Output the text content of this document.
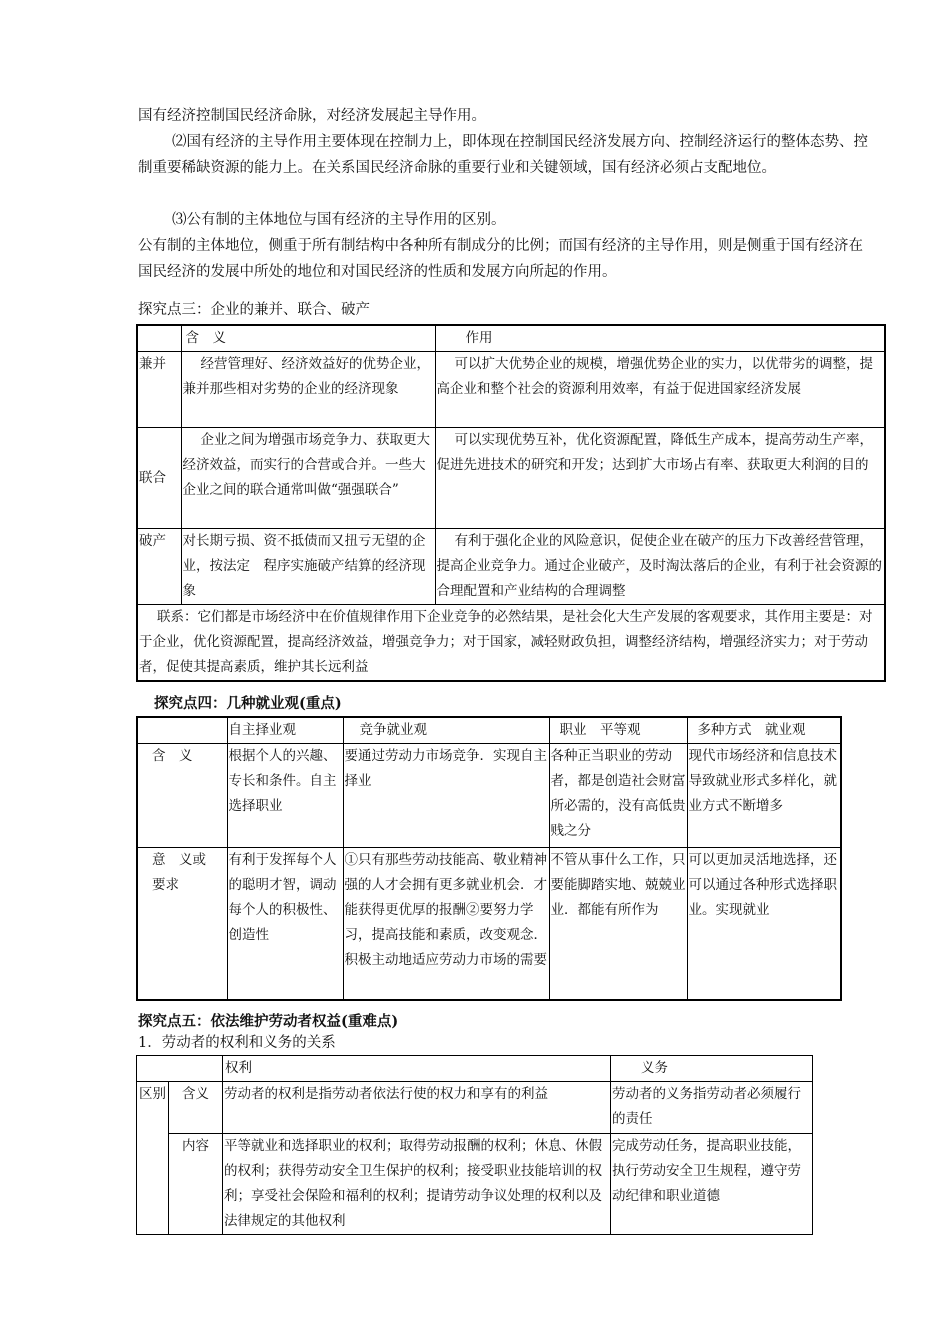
国有经济控制国民经济命脉，对经济发展起主导作用。

⑵国有经济的主导作用主要体现在控制力上，即体现在控制国民经济发展方向、控制经济运行的整体态势、控制重要稀缺资源的能力上。在关系国民经济命脉的重要行业和关键领域，国有经济必须占支配地位。

⑶公有制的主体地位与国有经济的主导作用的区别。

公有制的主体地位，侧重于所有制结构中各种所有制成分的比例；而国有经济的主导作用，则是侧重于国有经济在国民经济的发展中所处的地位和对国民经济的性质和发展方向所起的作用。

探究点三：企业的兼并、联合、破产

	含　义	作用
兼并	经营管理好、经济效益好的优势企业，兼并那些相对劣势的企业的经济现象	可以扩大优势企业的规模，增强优势企业的实力，以优带劣的调整，提高企业和整个社会的资源利用效率，有益于促进国家经济发展
联合	企业之间为增强市场竞争力、获取更大经济效益，而实行的合营或合并。一些大企业之间的联合通常叫做“强强联合”	可以实现优势互补，优化资源配置，降低生产成本，提高劳动生产率，促进先进技术的研究和开发；达到扩大市场占有率、获取更大利润的目的
破产	对长期亏损、资不抵债而又扭亏无望的企业，按法定　程序实施破产结算的经济现象	有利于强化企业的风险意识，促使企业在破产的压力下改善经营管理，提高企业竞争力。通过企业破产，及时淘汰落后的企业，有利于社会资源的合理配置和产业结构的合理调整
联系：它们都是市场经济中在价值规律作用下企业竞争的必然结果，是社会化大生产发展的客观要求，其作用主要是：对于企业，优化资源配置，提高经济效益，增强竞争力；对于国家，减轻财政负担，调整经济结构，增强经济实力；对于劳动者，促使其提高素质，维护其长远利益		

探究点四：几种就业观(重点)

	自主择业观	竞争就业观	职业　平等观	多种方式　就业观
含　义	根据个人的兴趣、专长和条件。自主选择职业	要通过劳动力市场竞争．实现自主择业	各种正当职业的劳动者，都是创造社会财富所必需的，没有高低贵贱之分	现代市场经济和信息技术导致就业形式多样化，就业方式不断增多
意　义或　要求	有利于发挥每个人的聪明才智，调动每个人的积极性、创造性	①只有那些劳动技能高、敬业精神强的人才会拥有更多就业机会．才能获得更优厚的报酬②要努力学习，提高技能和素质，改变观念．积极主动地适应劳动力市场的需要	不管从事什么工作，只要能脚踏实地、兢兢业业．都能有所作为	可以更加灵活地选择，还可以通过各种形式选择职业。实现就业

探究点五：依法维护劳动者权益(重难点)

1．劳动者的权利和义务的关系

		权利	义务
区别	含义	劳动者的权利是指劳动者依法行使的权力和享有的利益	劳动者的义务指劳动者必须履行的责任
	内容	平等就业和选择职业的权利；取得劳动报酬的权利；休息、休假的权利；获得劳动安全卫生保护的权利；接受职业技能培训的权利；享受社会保险和福利的权利；提请劳动争议处理的权利以及法律规定的其他权利	完成劳动任务，提高职业技能，执行劳动安全卫生规程，遵守劳动纪律和职业道德
